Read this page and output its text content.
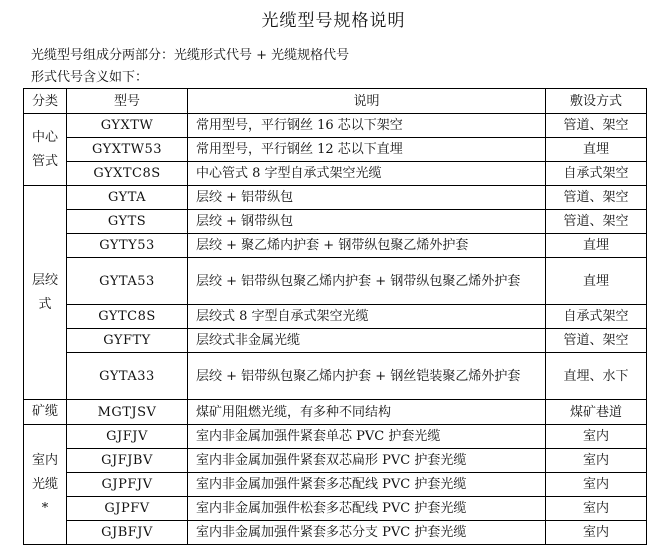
光缆型号规格说明
光缆型号组成分两部分：光缆形式代号 + 光缆规格代号
形式代号含义如下：
分类	型号	说明	敷设方式
中心管式	GYXTW	常用型号，平行钢丝 16 芯以下架空	管道、架空
	GYXTW53	常用型号，平行钢丝 12 芯以下直埋	直埋
	GYXTC8S	中心管式 8 字型自承式架空光缆	自承式架空
层绞式	GYTA	层绞 + 铝带纵包	管道、架空
	GYTS	层绞 + 钢带纵包	管道、架空
	GYTY53	层绞 + 聚乙烯内护套 + 钢带纵包聚乙烯外护套	直埋
	GYTA53	层绞 + 铝带纵包聚乙烯内护套 + 钢带纵包聚乙烯外护套	直埋
	GYTC8S	层绞式 8 字型自承式架空光缆	自承式架空
	GYFTY	层绞式非金属光缆	管道、架空
	GYTA33	层绞 + 铝带纵包聚乙烯内护套 + 钢丝铠装聚乙烯外护套	直埋、水下
矿缆	MGTJSV	煤矿用阻燃光缆，有多种不同结构	煤矿巷道
室内光缆 *	GJFJV	室内非金属加强件紧套单芯 PVC 护套光缆	室内
	GJFJBV	室内非金属加强件紧套双芯扁形 PVC 护套光缆	室内
	GJPFJV	室内非金属加强件紧套多芯配线 PVC 护套光缆	室内
	GJPFV	室内非金属加强件松套多芯配线 PVC 护套光缆	室内
	GJBFJV	室内非金属加强件紧套多芯分支 PVC 护套光缆	室内
